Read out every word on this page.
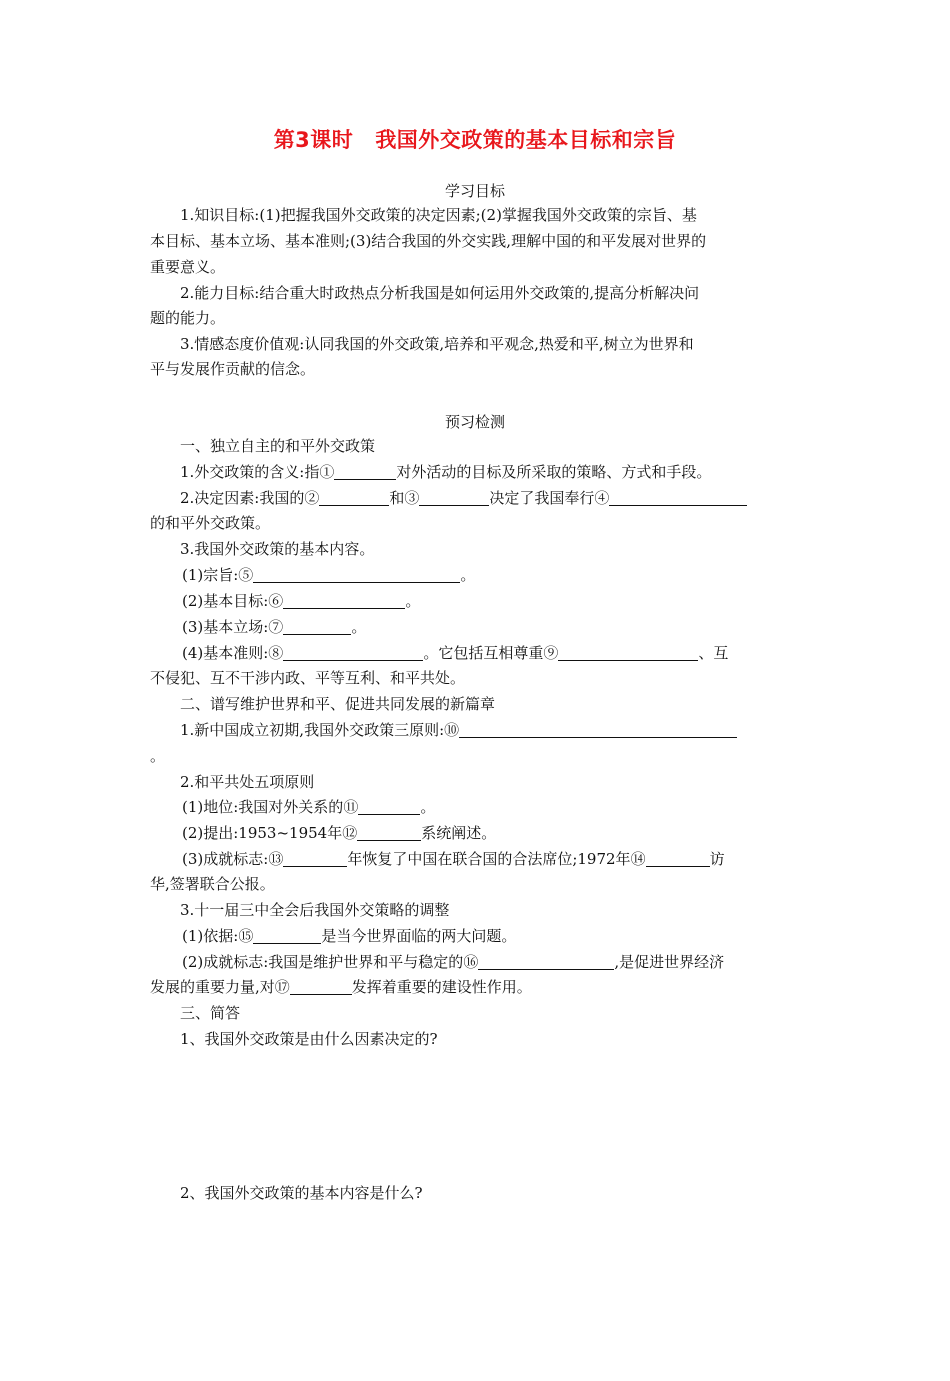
第3课时 我国外交政策的基本目标和宗旨
学习目标
1.知识目标:(1)把握我国外交政策的决定因素;(2)掌握我国外交政策的宗旨、基
本目标、基本立场、基本准则;(3)结合我国的外交实践,理解中国的和平发展对世界的
重要意义。
2.能力目标:结合重大时政热点分析我国是如何运用外交政策的,提高分析解决问
题的能力。
3.情感态度价值观:认同我国的外交政策,培养和平观念,热爱和平,树立为世界和
平与发展作贡献的信念。
预习检测
一、独立自主的和平外交政策
1.外交政策的含义:指①	对外活动的目标及所采取的策略、方式和手段。
2.决定因素:我国的②	和③	决定了我国奉行④
的和平外交政策。
3.我国外交政策的基本内容。
(1)宗旨:⑤	。
(2)基本目标:⑥	。
(3)基本立场:⑦	。
(4)基本准则:⑧	。它包括互相尊重⑨	、互
不侵犯、互不干涉内政、平等互利、和平共处。
二、谱写维护世界和平、促进共同发展的新篇章
1.新中国成立初期,我国外交政策三原则:⑩
。
2.和平共处五项原则
(1)地位:我国对外关系的⑪	。
(2)提出:1953~1954年⑫	系统阐述。
(3)成就标志:⑬	年恢复了中国在联合国的合法席位;1972年⑭	访
华,签署联合公报。
3.十一届三中全会后我国外交策略的调整
(1)依据:⑮	是当今世界面临的两大问题。
(2)成就标志:我国是维护世界和平与稳定的⑯	,是促进世界经济
发展的重要力量,对⑰	发挥着重要的建设性作用。
三、简答
1、我国外交政策是由什么因素决定的?
2、我国外交政策的基本内容是什么?
